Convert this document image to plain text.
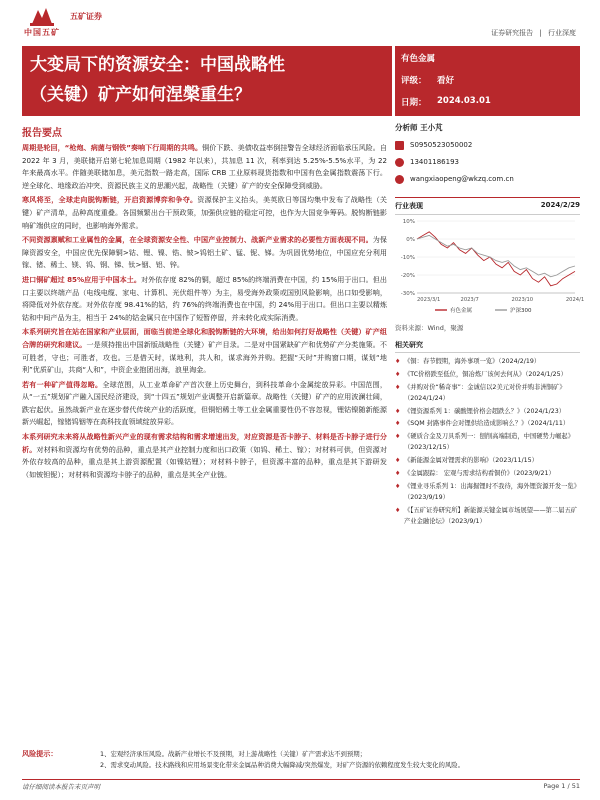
中国五矿
五矿证券
证券研究报告 | 行业深度
大变局下的资源安全：中国战略性
（关键）矿产如何涅槃重生？
有色金属
评级： 看好
日期： 2024.03.01
报告要点

周期是轮回，“枪炮、病菌与钢铁”奏响下行周期的共鸣。铜价下跌、美债收益率倒挂警告全球经济面临承压风险。自 2022 年 3 月，美联储开启第七轮加息周期（1982 年以来），共加息 11 次，利率到达 5.25%-5.5%水平，为 22 年来最高水平。伴随美联储加息，美元指数一路走高，国际 CRB 工业原料现货指数和中国有色金属指数震荡下行。逆全球化、地缘政治冲突、资源民族主义的思潮兴起，战略性（关键）矿产的安全保障受到威胁。

寒风将至，全球走向脱钩断链，开启资源博弈和争夺。资源保护主义抬头，美英欧日等国均集中发布了战略性（关键）矿产清单，品种高度重叠。各国频繁出台干预政策，加强供应链的稳定可控，也作为大国竞争筹码。脱钩断链影响矿端供应的同时，也影响海外需求。

不同资源禀赋和工业属性的金属，在全球资源安全性、中国产业控制力、战新产业需求的必要性方面表现不同。为保障资源安全，中国应优先保障铜>钴、锂、镍、锆、铍>钨铝土矿、锰、铌、锑。为巩固优势地位，中国应充分利用镓、锗、稀土、镁、钨、钢、锑、钛>铟、铝、锌。

进口铜矿超过 85%应用于中国本土。对外依存度 82%的铜，超过 85%的终端消费在中国，约 15%用于出口。但出口主要以终端产品（电线电缆、家电、计算机、光伏组件等）为主，易受海外政策或国别风险影响，出口如受影响，将降低对外依存度。对外依存度 98.41%的钴，约 76%的终端消费也在中国，约 24%用于出口。但出口主要以精炼钴和中间产品为主，相当于 24%的钴金属只在中国作了短暂停留，并未转化成实际消费。

本系列研究旨在站在国家和产业层面，面临当前逆全球化和脱钩断链的大环境，给出如何打好战略性（关键）矿产组合牌的研究和建议。一是须持推出中国新版战略性（关键）矿产目录。二是对中国紧缺矿产和优势矿产分类施策。不可胜者，守也；可胜者，攻也。三是借天时，谋地利，共人和，谋求海外并购。把握“天时”并购窗口期，谋划“地利”优质矿山，共商“人和”，中资企业抱团出海，浪里淘金。

若有一种矿产值得忽略。全球范围，从工业革命矿产首次登上历史舞台，到科技革命小金属绽放异彩。中国范围，从“一五”规划矿产融入国民经济建设，到“十四五”规划产业调整开启新篇章。战略性（关键）矿产的应用波澜壮阔，跌宕起伏。虽然战新产业在逐步替代传统产业的活跃度，但铜铝稀土等工业金属重要性仍不容忽视，锂钴镍随新能源新兴崛起，镓锗钨铟等在高科技直领域绽放异彩。

本系列研究未来将从战略性新兴产业的现有需求结构和需求增速出发，对应资源是否卡脖子、材料是否卡脖子进行分析。对材料和资源均有优势的品种，重点是其产业控制力度和出口政策（如钨、稀土、镓）；对材料可供，但资源对外依存较高的品种，重点是其上游资源配置（如镍钴锂）；对材料卡脖子，但资源丰富的品种，重点是其下游研发（如铍钽铌）；对材料和资源均卡脖子的品种，重点是其全产业链。

风险提示：	1、宏观经济承压风险。战新产业增长不及预期，对上游战略性（关键）矿产需求达不到预期；
2、需求变动风险。技术路线和应用场景变化带来金属品种消费大幅降减/突然爆发，对矿产资源的依赖程度发生较大变化的风险。
分析师 王小芃
S0950523050002
13401186193
wangxiaopeng@wkzq.com.cn
行业表现	2024/2/29
10%
0%
-10%
-20%
-30%
2023/3/1	2023/7	2023/10	2024/1
有色金属	沪深300
资料来源：Wind，聚源
相关研究
♦ 《铜：春节假期，海外事项一览》（2024/2/19）
♦ 《TC价格跌至低位，铜冶炼厂该何去何从》（2024/1/25）
♦ 《并购对价“稀奇事”：金诚信以2美元对价并购非洲铜矿》（2024/1/24）
♦ 《锂资源系列 1：碳酸锂价格会超跌么？》（2024/1/23）
♦ 《SQM 封路事件会对锂供给造成影响么？》（2024/1/11）
♦ 《硬质合金及刀具系列一：刨削高端制造，中国硬势力崛起》（2023/12/15）
♦ 《新能源金属对锂需求的影响》（2023/11/15）
♦ 《金属跟踪： 宏观与需求结构看铜价》（2023/9/21）
♦ 《锂业寻乐系列 1：出海掘锂时不我待，海外锂资源开发一览》（2023/9/19）
♦ 《【五矿证券研究所】新能源关键金属市场展望——第二届五矿产业金融论坛》（2023/9/1）
请仔细阅读本报告末页声明	Page 1 / 51
